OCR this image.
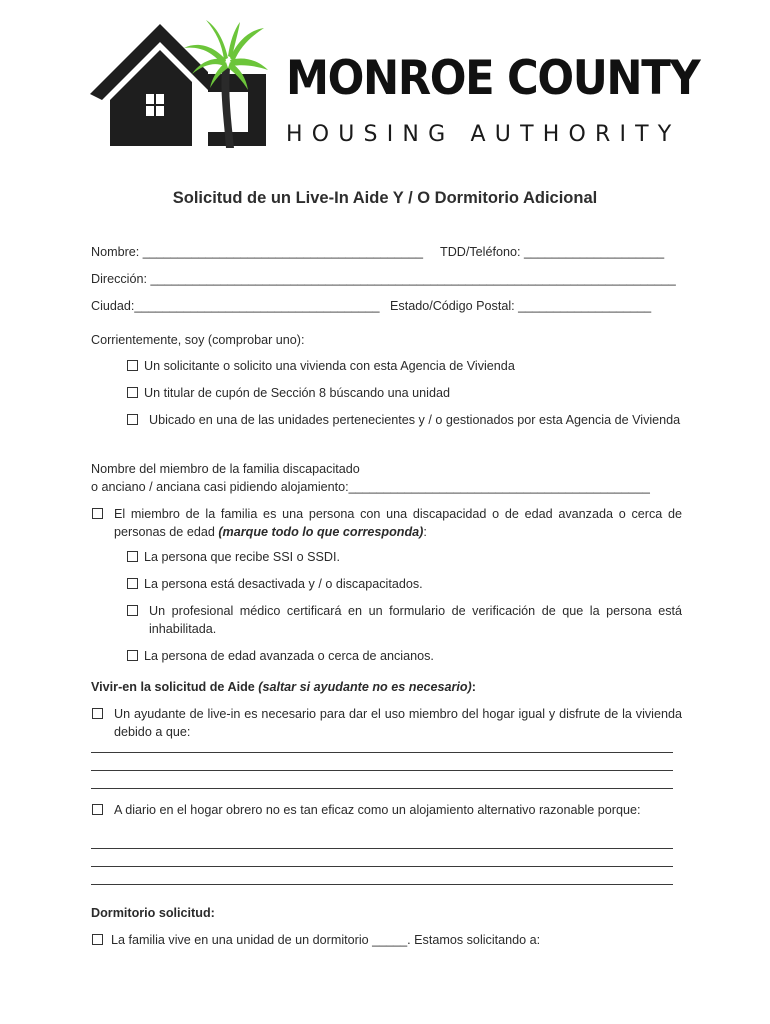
MONROE COUNTY
HOUSING AUTHORITY
Solicitud de un Live-In Aide Y / O Dormitorio Adicional
Nombre: ________________________________________ TDD/Teléfono: ____________________
Dirección: ___________________________________________________________________________
Ciudad:___________________________________ Estado/Código Postal: ___________________
Corrientemente, soy (comprobar uno):
Un solicitante o solicito una vivienda con esta Agencia de Vivienda
Un titular de cupón de Sección 8 búscando una unidad
Ubicado en una de las unidades pertenecientes y / o gestionados por esta Agencia de Vivienda
Nombre del miembro de la familia discapacitado
o anciano / anciana casi pidiendo alojamiento:___________________________________________
El miembro de la familia es una persona con una discapacidad o de edad avanzada o cerca de personas de edad (marque todo lo que corresponda):
La persona que recibe SSI o SSDI.
La persona está desactivada y / o discapacitados.
Un profesional médico certificará en un formulario de verificación de que la persona está inhabilitada.
La persona de edad avanzada o cerca de ancianos.
Vivir-en la solicitud de Aide (saltar si ayudante no es necesario):
Un ayudante de live-in es necesario para dar el uso miembro del hogar igual y disfrute de la vivienda debido a que:
A diario en el hogar obrero no es tan eficaz como un alojamiento alternativo razonable porque:
Dormitorio solicitud:
La familia vive en una unidad de un dormitorio _____. Estamos solicitando a:
